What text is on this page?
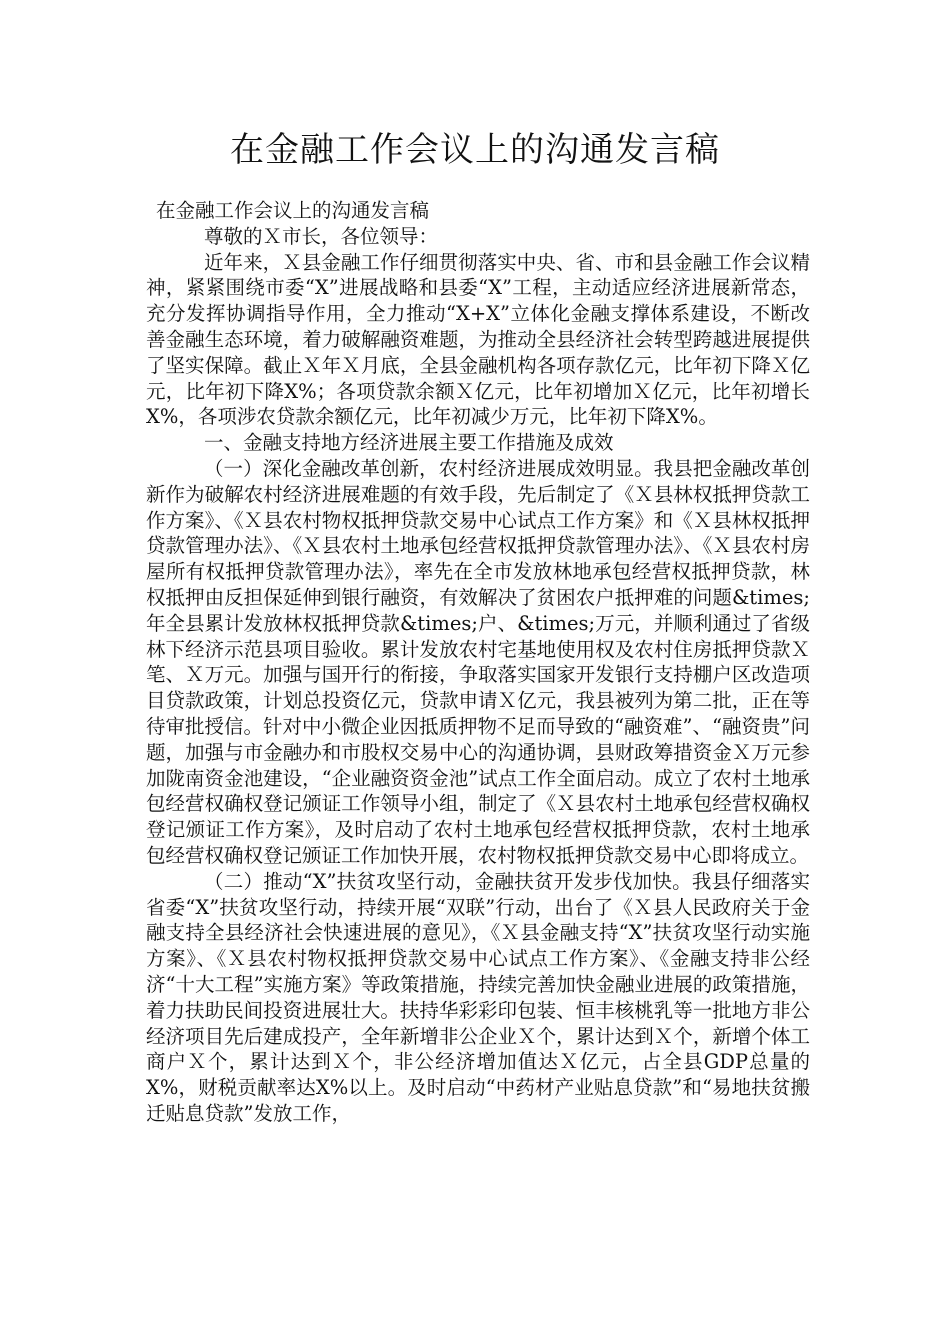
在金融工作会议上的沟通发言稿

在金融工作会议上的沟通发言稿

尊敬的Ｘ市长，各位领导：

近年来，Ｘ县金融工作仔细贯彻落实中央、省、市和县金融工作会议精神，紧紧围绕市委“X”进展战略和县委“X”工程，主动适应经济进展新常态，充分发挥协调指导作用，全力推动“X+X”立体化金融支撑体系建设，不断改善金融生态环境，着力破解融资难题，为推动全县经济社会转型跨越进展提供了坚实保障。截止Ｘ年Ｘ月底，全县金融机构各项存款亿元，比年初下降Ｘ亿元，比年初下降X%；各项贷款余额Ｘ亿元，比年初增加Ｘ亿元，比年初增长X%，各项涉农贷款余额亿元，比年初减少万元，比年初下降X%。

一、金融支持地方经济进展主要工作措施及成效

（一）深化金融改革创新，农村经济进展成效明显。我县把金融改革创新作为破解农村经济进展难题的有效手段，先后制定了《Ｘ县林权抵押贷款工作方案》、《Ｘ县农村物权抵押贷款交易中心试点工作方案》和《Ｘ县林权抵押贷款管理办法》、《Ｘ县农村土地承包经营权抵押贷款管理办法》、《Ｘ县农村房屋所有权抵押贷款管理办法》，率先在全市发放林地承包经营权抵押贷款，林权抵押由反担保延伸到银行融资，有效解决了贫困农户抵押难的问题&times;年全县累计发放林权抵押贷款&times;户、&times;万元，并顺利通过了省级林下经济示范县项目验收。累计发放农村宅基地使用权及农村住房抵押贷款Ｘ笔、Ｘ万元。加强与国开行的衔接，争取落实国家开发银行支持棚户区改造项目贷款政策，计划总投资亿元，贷款申请Ｘ亿元，我县被列为第二批，正在等待审批授信。针对中小微企业因抵质押物不足而导致的“融资难”、“融资贵”问题，加强与市金融办和市股权交易中心的沟通协调，县财政筹措资金Ｘ万元参加陇南资金池建设，“企业融资资金池”试点工作全面启动。成立了农村土地承包经营权确权登记颁证工作领导小组，制定了《Ｘ县农村土地承包经营权确权登记颁证工作方案》，及时启动了农村土地承包经营权抵押贷款，农村土地承包经营权确权登记颁证工作加快开展，农村物权抵押贷款交易中心即将成立。

（二）推动“X”扶贫攻坚行动，金融扶贫开发步伐加快。我县仔细落实省委“X”扶贫攻坚行动，持续开展“双联”行动，出台了《Ｘ县人民政府关于金融支持全县经济社会快速进展的意见》，《Ｘ县金融支持“X”扶贫攻坚行动实施方案》、《Ｘ县农村物权抵押贷款交易中心试点工作方案》、《金融支持非公经济“十大工程”实施方案》等政策措施，持续完善加快金融业进展的政策措施，着力扶助民间投资进展壮大。扶持华彩彩印包装、恒丰核桃乳等一批地方非公经济项目先后建成投产，全年新增非公企业Ｘ个，累计达到Ｘ个，新增个体工商户Ｘ个，累计达到Ｘ个，非公经济增加值达Ｘ亿元，占全县GDP总量的X%，财税贡献率达X%以上。及时启动“中药材产业贴息贷款”和“易地扶贫搬迁贴息贷款”发放工作，
